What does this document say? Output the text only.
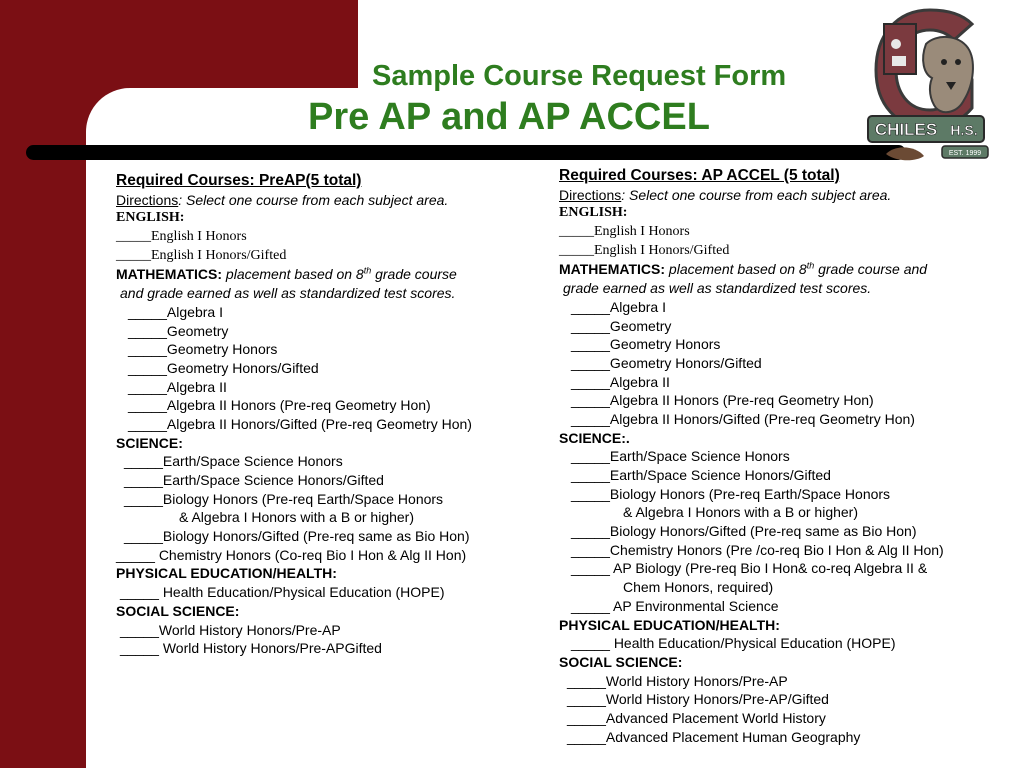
Sample Course Request Form
Pre AP and AP ACCEL	CHILES H.S.
EST. 1999
Required Courses: PreAP(5 total)
Directions: Select one course from each subject area.
ENGLISH:
_____English I Honors
_____English I Honors/Gifted
MATHEMATICS: placement based on 8th grade course
and grade earned as well as standardized test scores.
_____Algebra I
_____Geometry
_____Geometry Honors
_____Geometry Honors/Gifted
_____Algebra II
_____Algebra II Honors (Pre-req Geometry Hon)
_____Algebra II Honors/Gifted (Pre-req Geometry Hon)
SCIENCE:
_____Earth/Space Science Honors
_____Earth/Space Science Honors/Gifted
_____Biology Honors (Pre-req Earth/Space Honors
& Algebra I Honors with a B or higher)
_____Biology Honors/Gifted (Pre-req same as Bio Hon)
_____ Chemistry Honors (Co-req Bio I Hon & Alg II Hon)
PHYSICAL EDUCATION/HEALTH:
_____ Health Education/Physical Education (HOPE)
SOCIAL SCIENCE:
_____World History Honors/Pre-AP
_____ World History Honors/Pre-APGifted
Required Courses: AP ACCEL (5 total)
Directions: Select one course from each subject area.
ENGLISH:
_____English I Honors
_____English I Honors/Gifted
MATHEMATICS: placement based on 8th grade course and
grade earned as well as standardized test scores.
_____Algebra I
_____Geometry
_____Geometry Honors
_____Geometry Honors/Gifted
_____Algebra II
_____Algebra II Honors (Pre-req Geometry Hon)
_____Algebra II Honors/Gifted (Pre-req Geometry Hon)
SCIENCE:.
_____Earth/Space Science Honors
_____Earth/Space Science Honors/Gifted
_____Biology Honors (Pre-req Earth/Space Honors
& Algebra I Honors with a B or higher)
_____Biology Honors/Gifted (Pre-req same as Bio Hon)
_____Chemistry Honors (Pre /co-req Bio I Hon & Alg II Hon)
_____ AP Biology (Pre-req Bio I Hon& co-req Algebra II &
Chem Honors, required)
_____ AP Environmental Science
PHYSICAL EDUCATION/HEALTH:
_____ Health Education/Physical Education (HOPE)
SOCIAL SCIENCE:
_____World History Honors/Pre-AP
_____World History Honors/Pre-AP/Gifted
_____Advanced Placement World History
_____Advanced Placement Human Geography
